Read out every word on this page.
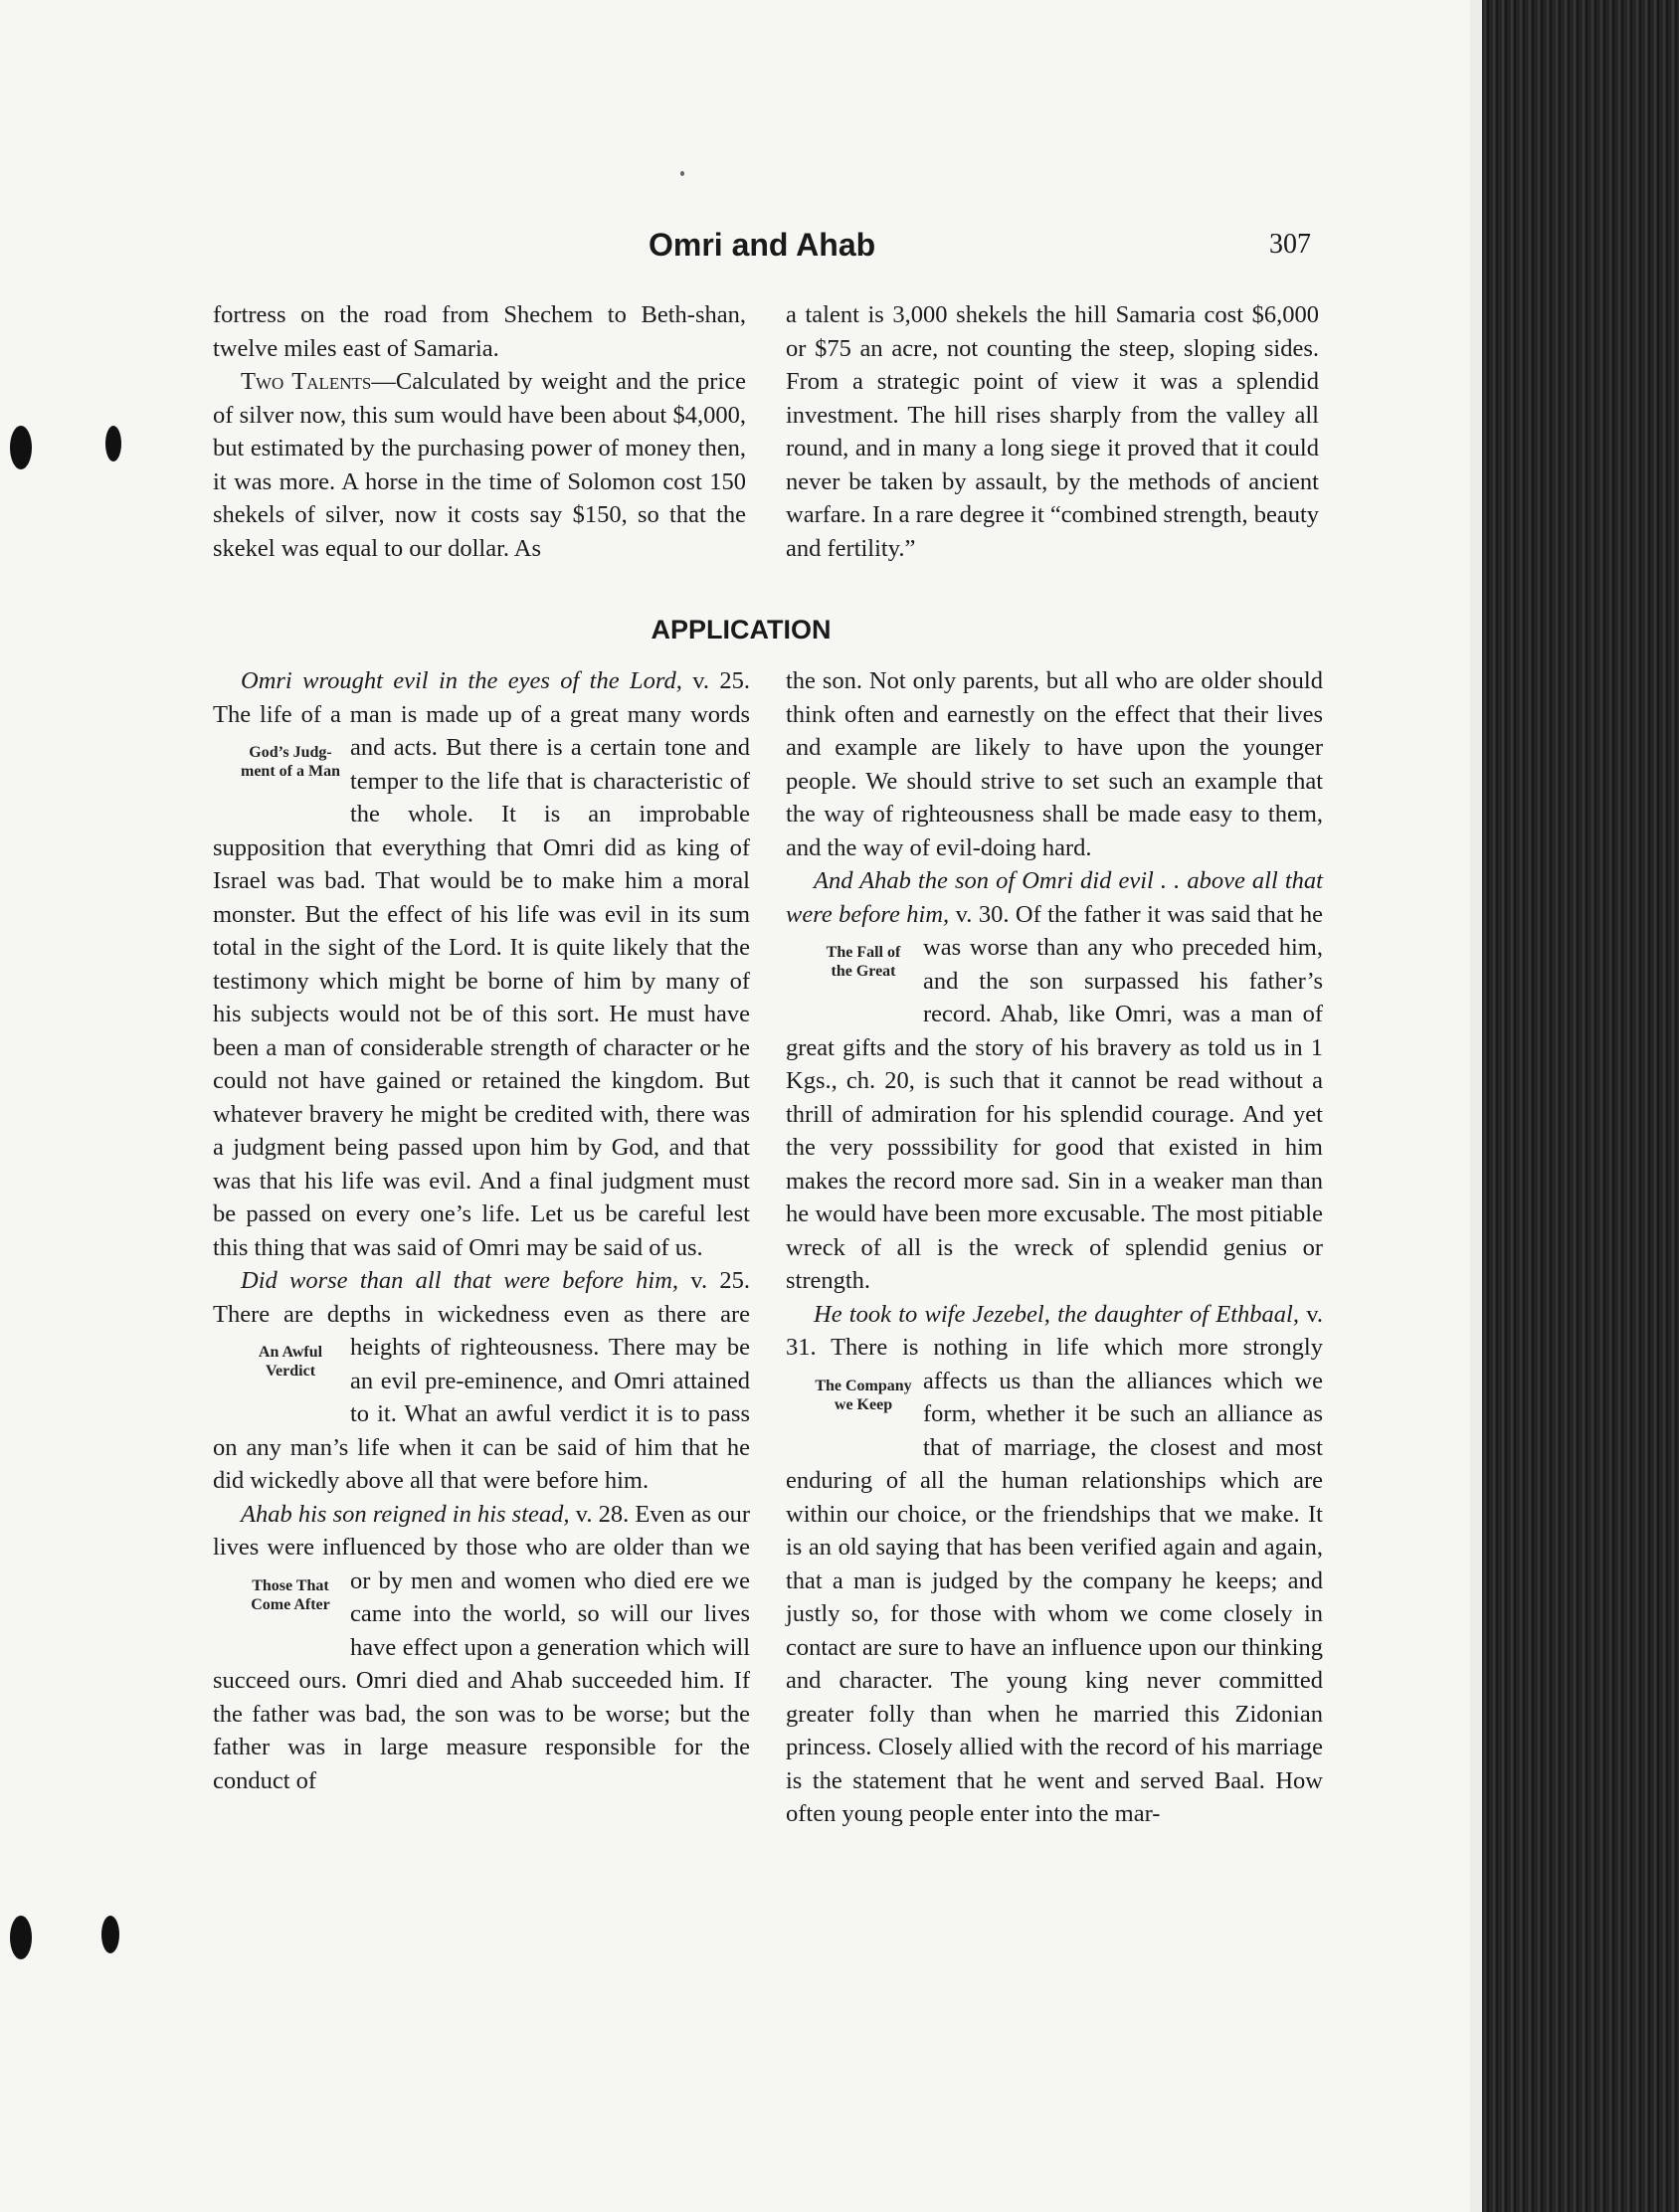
Omri and Ahab	307

fortress on the road from Shechem to Beth-shan, twelve miles east of Samaria.

Two Talents—Calculated by weight and the price of silver now, this sum would have been about $4,000, but estimated by the purchasing power of money then, it was more. A horse in the time of Solomon cost 150 shekels of silver, now it costs say $150, so that the skekel was equal to our dollar. As

a talent is 3,000 shekels the hill Samaria cost $6,000 or $75 an acre, not counting the steep, sloping sides. From a strategic point of view it was a splendid investment. The hill rises sharply from the valley all round, and in many a long siege it proved that it could never be taken by assault, by the methods of ancient warfare. In a rare degree it “combined strength, beauty and fertility.”

APPLICATION

Omri wrought evil in the eyes of the Lord, v. 25. The life of a man is made up of a great many words and acts. But there is a certain
God’s Judg-
ment of a Man
tone and temper to the life that is characteristic of the whole. It is an improbable supposition that everything that Omri did as king of Israel was bad. That would be to make him a moral monster. But the effect of his life was evil in its sum total in the sight of the Lord. It is quite likely that the testimony which might be borne of him by many of his subjects would not be of this sort. He must have been a man of considerable strength of character or he could not have gained or retained the kingdom. But whatever bravery he might be credited with, there was a judgment being passed upon him by God, and that was that his life was evil. And a final judgment must be passed on every one’s life. Let us be careful lest this thing that was said of Omri may be said of us.

Did worse than all that were before him, v. 25. There are depths in wickedness even as there are heights of righteousness. There may be
An Awful
Verdict	an evil pre-eminence, and Omri attained to it. What an awful verdict it is to pass on any man’s life when it can be said of him that he did wickedly above all that were before him.

Ahab his son reigned in his stead, v. 28. Even as our lives were influenced by those who are older than we or by men and women
Those That
Come After
who died ere we came into the world, so will our lives have effect upon a generation which will succeed ours. Omri died and Ahab succeeded him. If the father was bad, the son was to be worse; but the father was in large measure responsible for the conduct of

the son. Not only parents, but all who are older should think often and earnestly on the effect that their lives and example are likely to have upon the younger people. We should strive to set such an example that the way of righteousness shall be made easy to them, and the way of evil-doing hard.

And Ahab the son of Omri did evil . . above all that were before him, v. 30. Of the father it was said that he was worse than any who
The Fall of
the Great
preceded him, and the son surpassed his father’s record. Ahab, like Omri, was a man of great gifts and the story of his bravery as told us in 1 Kgs., ch. 20, is such that it cannot be read without a thrill of admiration for his splendid courage. And yet the very posssibility for good that existed in him makes the record more sad. Sin in a weaker man than he would have been more excusable. The most pitiable wreck of all is the wreck of splendid genius or strength.

He took to wife Jezebel, the daughter of Ethbaal, v. 31. There is nothing in life which more strongly affects us than the alliances
The Company
we Keep
which we form, whether it be such an alliance as that of marriage, the closest and most enduring of all the human relationships which are within our choice, or the friendships that we make. It is an old saying that has been verified again and again, that a man is judged by the company he keeps; and justly so, for those with whom we come closely in contact are sure to have an influence upon our thinking and character. The young king never committed greater folly than when he married this Zidonian princess. Closely allied with the record of his marriage is the statement that he went and served Baal. How often young people enter into the mar-
